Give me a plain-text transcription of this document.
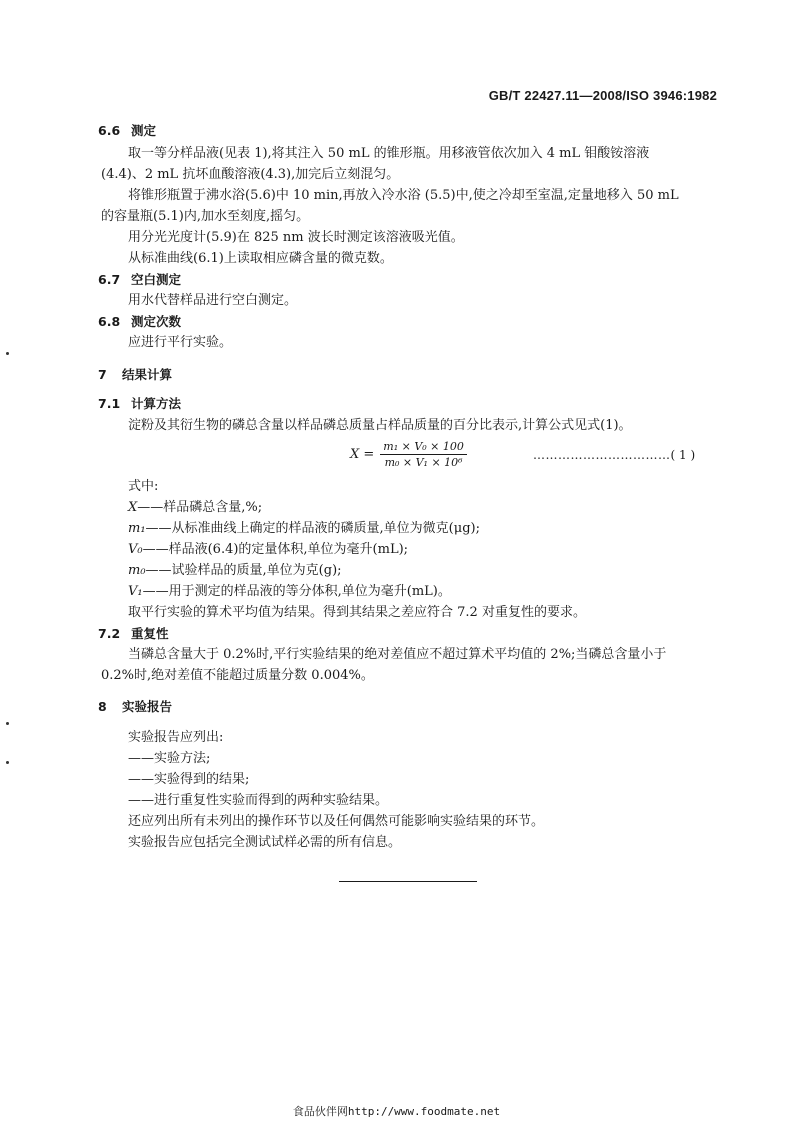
GB/T 22427.11—2008/ISO 3946:1982
6.6 测定
取一等分样品液(见表 1),将其注入 50 mL 的锥形瓶。用移液管依次加入 4 mL 钼酸铵溶液
(4.4)、2 mL 抗坏血酸溶液(4.3),加完后立刻混匀。
将锥形瓶置于沸水浴(5.6)中 10 min,再放入冷水浴 (5.5)中,使之冷却至室温,定量地移入 50 mL
的容量瓶(5.1)内,加水至刻度,摇匀。
用分光光度计(5.9)在 825 nm 波长时测定该溶液吸光值。
从标准曲线(6.1)上读取相应磷含量的微克数。
6.7 空白测定
用水代替样品进行空白测定。
6.8 测定次数
应进行平行实验。
7 结果计算
7.1 计算方法
淀粉及其衍生物的磷总含量以样品磷总质量占样品质量的百分比表示,计算公式见式(1)。
$X = \frac{\text{m₁ × V₀ × 100}}{\text{m₀ × V₁ × 10⁶}}$	……………………………( 1 )
式中:
X——样品磷总含量,%;
m₁——从标准曲线上确定的样品液的磷质量,单位为微克(μg);
V₀——样品液(6.4)的定量体积,单位为毫升(mL);
m₀——试验样品的质量,单位为克(g);
V₁——用于测定的样品液的等分体积,单位为毫升(mL)。
取平行实验的算术平均值为结果。得到其结果之差应符合 7.2 对重复性的要求。
7.2 重复性
当磷总含量大于 0.2%时,平行实验结果的绝对差值应不超过算术平均值的 2%;当磷总含量小于
0.2%时,绝对差值不能超过质量分数 0.004%。
8 实验报告
实验报告应列出:
——实验方法;
——实验得到的结果;
——进行重复性实验而得到的两种实验结果。
还应列出所有未列出的操作环节以及任何偶然可能影响实验结果的环节。
实验报告应包括完全测试试样必需的所有信息。
食品伙伴网http://www.foodmate.net
